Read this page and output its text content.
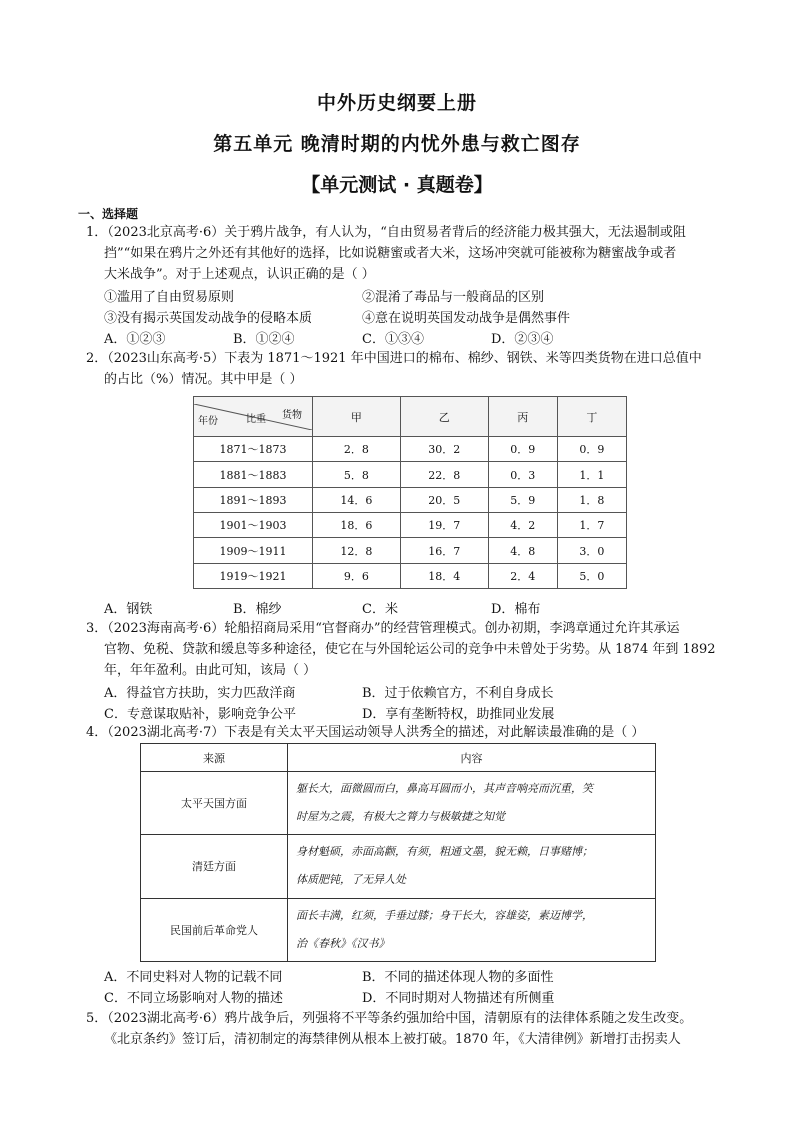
中外历史纲要上册
第五单元 晚清时期的内忧外患与救亡图存
【单元测试 · 真题卷】
一、选择题
1．（2023北京高考·6）关于鸦片战争，有人认为，“自由贸易者背后的经济能力极其强大，无法遏制或阻
挡”“如果在鸦片之外还有其他好的选择，比如说糖蜜或者大米，这场冲突就可能被称为糖蜜战争或者
大米战争”。对于上述观点，认识正确的是（ ）
①滥用了自由贸易原则	②混淆了毒品与一般商品的区别
③没有揭示英国发动战争的侵略本质	④意在说明英国发动战争是偶然事件
A．①②③	B．①②④	C．①③④	D．②③④
2．（2023山东高考·5）下表为 1871～1921 年中国进口的棉布、棉纱、钢铁、米等四类货物在进口总值中
的占比（%）情况。其中甲是（ ）
年份 比重 货物	甲	乙	丙	丁
1871～1873	2．8	30．2	0．9	0．9
1881～1883	5．8	22．8	0．3	1．1
1891～1893	14．6	20．5	5．9	1．8
1901～1903	18．6	19．7	4．2	1．7
1909～1911	12．8	16．7	4．8	3．0
1919～1921	9．6	18．4	2．4	5．0
A．钢铁	B．棉纱	C．米	D．棉布
3．（2023海南高考·6）轮船招商局采用“官督商办”的经营管理模式。创办初期，李鸿章通过允许其承运
官物、免税、贷款和缓息等多种途径，使它在与外国轮运公司的竞争中未曾处于劣势。从 1874 年到 1892
年，年年盈利。由此可知，该局（ ）
A．得益官方扶助，实力匹敌洋商	B．过于依赖官方，不利自身成长
C．专意谋取贴补，影响竞争公平	D．享有垄断特权，助推同业发展
4．（2023湖北高考·7）下表是有关太平天国运动领导人洪秀全的描述，对此解读最准确的是（ ）
来源	内容
太平天国方面	躯长大，面微圆而白，鼻高耳圆而小，其声音响亮而沉重，笑
时屋为之震，有极大之膂力与极敏捷之知觉

清廷方面	身材魁硕，赤面高颧，有须，粗通文墨，貌无赖，日事赌博；
体质肥钝，了无异人处

民国前后革命党人	面长丰满，红须，手垂过膝；身干长大，容雄姿，素迈博学，
治《春秋》《汉书》
A．不同史料对人物的记载不同	B．不同的描述体现人物的多面性
C．不同立场影响对人物的描述	D．不同时期对人物描述有所侧重
5．（2023湖北高考·6）鸦片战争后，列强将不平等条约强加给中国，清朝原有的法律体系随之发生改变。
《北京条约》签订后，清初制定的海禁律例从根本上被打破。1870 年，《大清律例》新增打击拐卖人
